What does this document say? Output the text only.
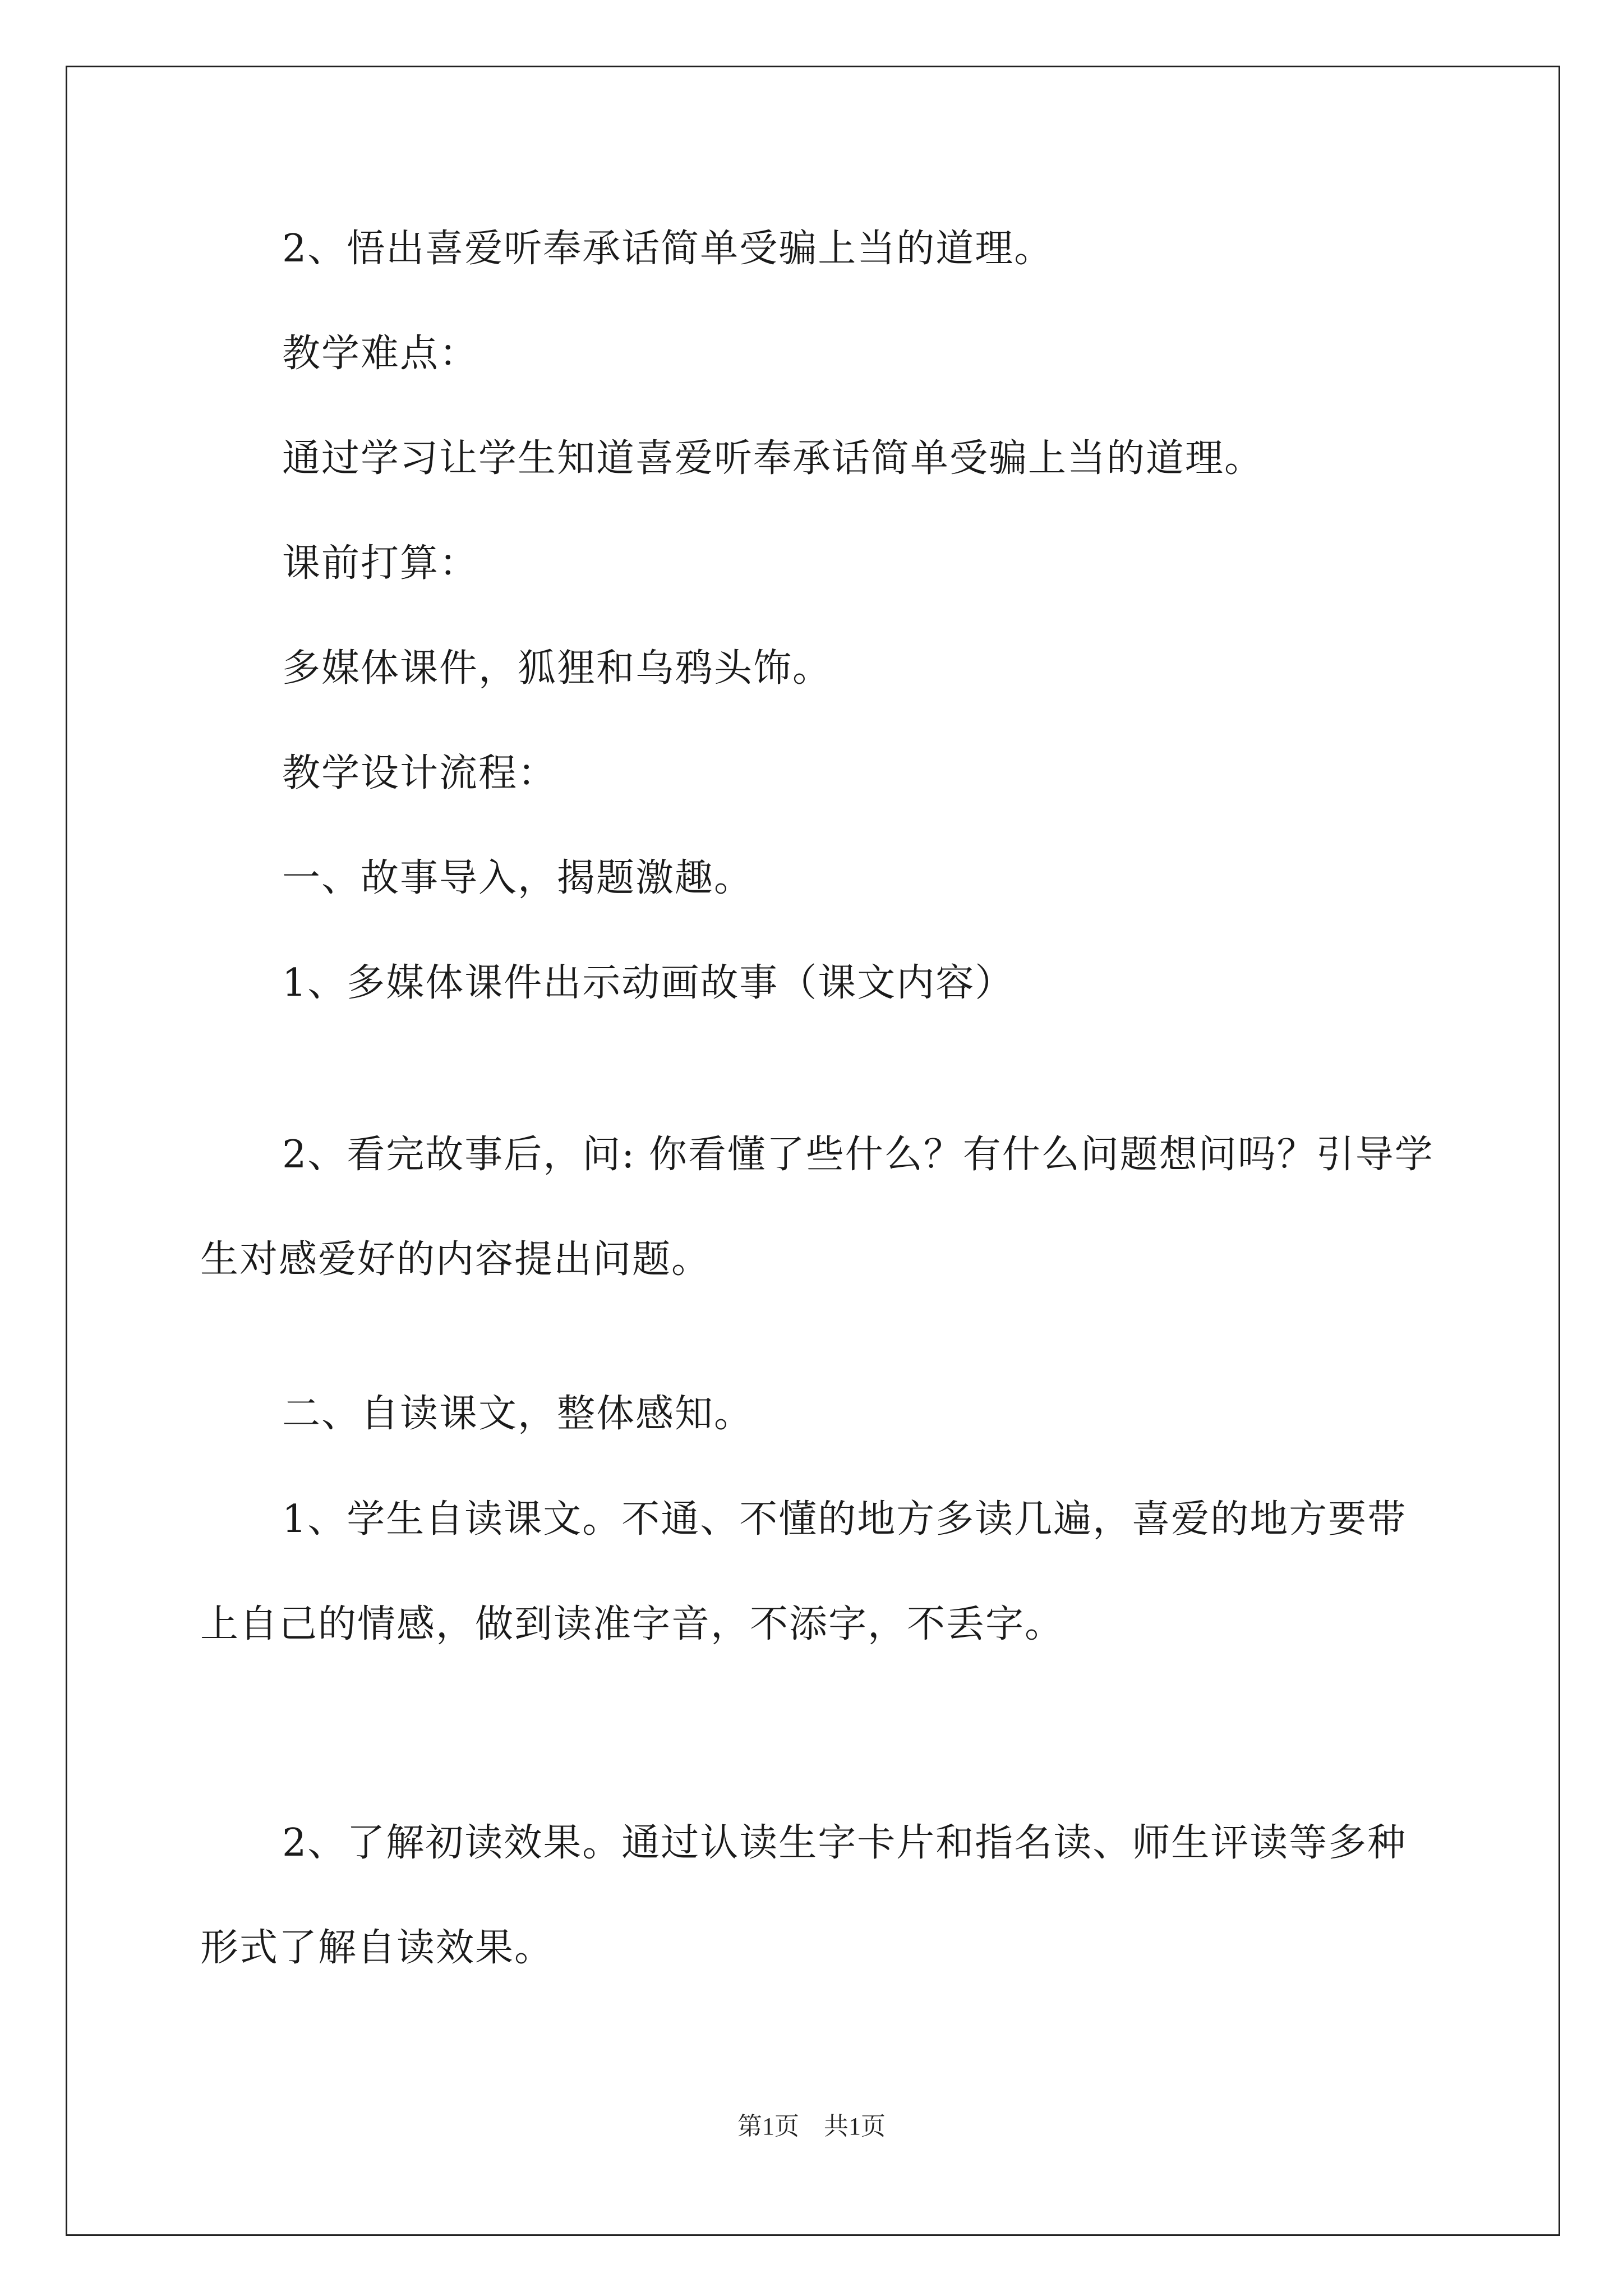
2、悟出喜爱听奉承话简单受骗上当的道理。

教学难点：

通过学习让学生知道喜爱听奉承话简单受骗上当的道理。

课前打算：

多媒体课件，狐狸和乌鸦头饰。

教学设计流程：

一、故事导入，揭题激趣。

1、多媒体课件出示动画故事（课文内容）

2、看完故事后，问: 你看懂了些什么？有什么问题想问吗？引导学生对感爱好的内容提出问题。

二、自读课文，整体感知。

1、学生自读课文。不通、不懂的地方多读几遍，喜爱的地方要带上自己的情感，做到读准字音，不添字，不丢字。

2、了解初读效果。通过认读生字卡片和指名读、师生评读等多种形式了解自读效果。

第1页　共1页
